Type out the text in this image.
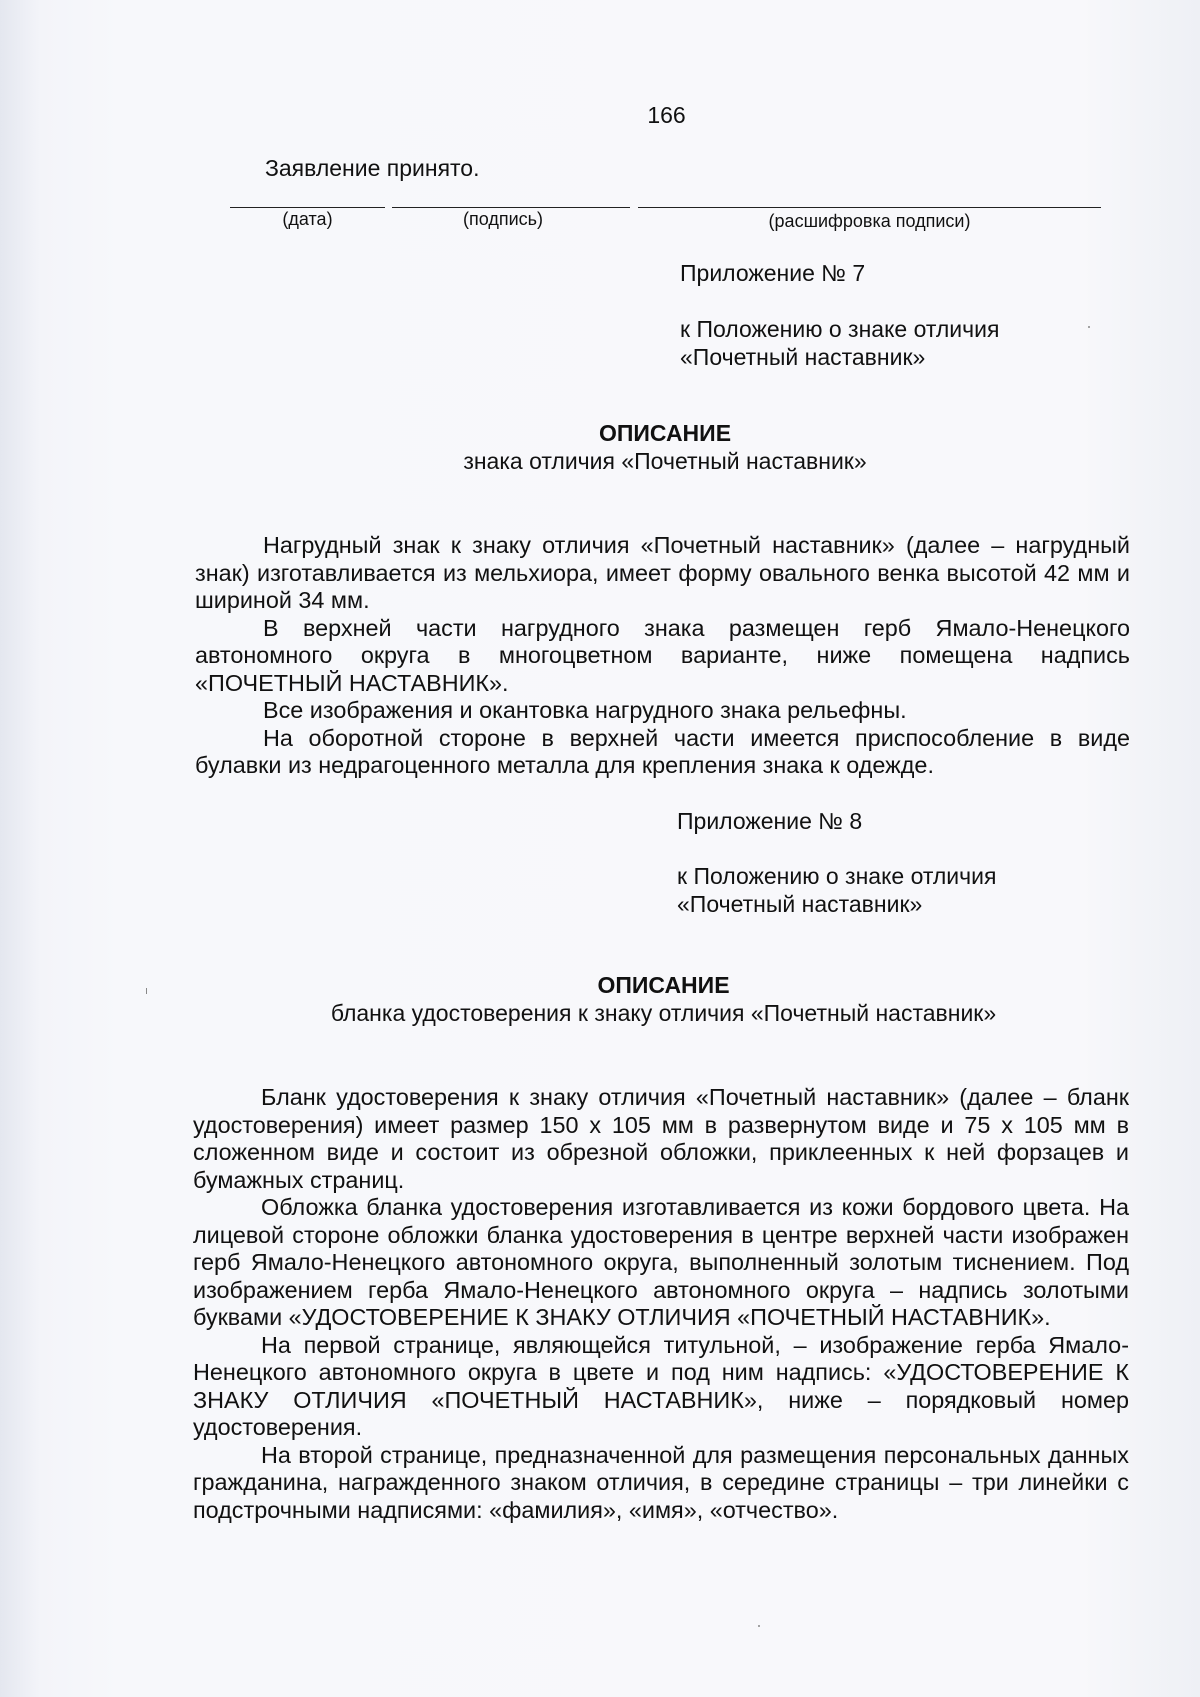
166
Заявление принято.
(дата)	(подпись)	(расшифровка подписи)
Приложение № 7
к Положению о знаке отличия
«Почетный наставник»
ОПИСАНИЕ
знака отличия «Почетный наставник»

Нагрудный знак к знаку отличия «Почетный наставник» (далее – нагрудный знак) изготавливается из мельхиора, имеет форму овального венка высотой 42 мм и шириной 34 мм.

В верхней части нагрудного знака размещен герб Ямало-Ненецкого автономного округа в многоцветном варианте, ниже помещена надпись «ПОЧЕТНЫЙ НАСТАВНИК».

Все изображения и окантовка нагрудного знака рельефны.

На оборотной стороне в верхней части имеется приспособление в виде булавки из недрагоценного металла для крепления знака к одежде.

Приложение № 8
к Положению о знаке отличия
«Почетный наставник»
ОПИСАНИЕ
бланка удостоверения к знаку отличия «Почетный наставник»

Бланк удостоверения к знаку отличия «Почетный наставник» (далее – бланк удостоверения) имеет размер 150 х 105 мм в развернутом виде и 75 х 105 мм в сложенном виде и состоит из обрезной обложки, приклеенных к ней форзацев и бумажных страниц.

Обложка бланка удостоверения изготавливается из кожи бордового цвета. На лицевой стороне обложки бланка удостоверения в центре верхней части изображен герб Ямало-Ненецкого автономного округа, выполненный золотым тиснением. Под изображением герба Ямало-Ненецкого автономного округа – надпись золотыми буквами «УДОСТОВЕРЕНИЕ К ЗНАКУ ОТЛИЧИЯ «ПОЧЕТНЫЙ НАСТАВНИК».

На первой странице, являющейся титульной, – изображение герба Ямало-Ненецкого автономного округа в цвете и под ним надпись: «УДОСТОВЕРЕНИЕ К ЗНАКУ ОТЛИЧИЯ «ПОЧЕТНЫЙ НАСТАВНИК», ниже – порядковый номер удостоверения.

На второй странице, предназначенной для размещения персональных данных гражданина, награжденного знаком отличия, в середине страницы – три линейки с подстрочными надписями: «фамилия», «имя», «отчество».
